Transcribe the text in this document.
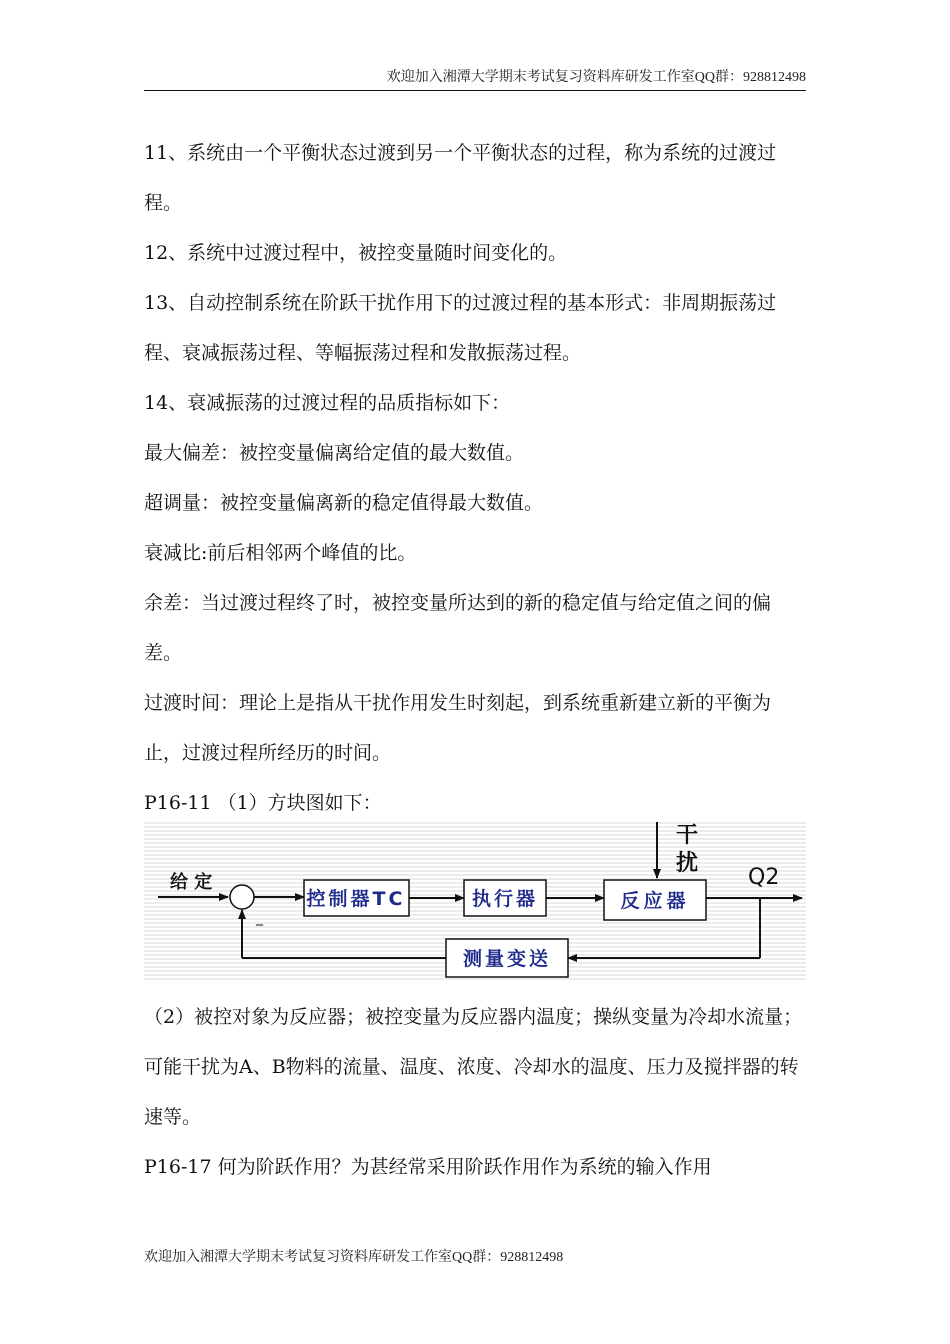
欢迎加入湘潭大学期末考试复习资料库研发工作室QQ群：928812498

11、系统由一个平衡状态过渡到另一个平衡状态的过程，称为系统的过渡过程。

12、系统中过渡过程中，被控变量随时间变化的。

13、自动控制系统在阶跃干扰作用下的过渡过程的基本形式：非周期振荡过程、衰减振荡过程、等幅振荡过程和发散振荡过程。

14、衰减振荡的过渡过程的品质指标如下：

最大偏差：被控变量偏离给定值的最大数值。

超调量：被控变量偏离新的稳定值得最大数值。

衰减比:前后相邻两个峰值的比。

余差：当过渡过程终了时，被控变量所达到的新的稳定值与给定值之间的偏差。

过渡时间：理论上是指从干扰作用发生时刻起，到系统重新建立新的平衡为止，过渡过程所经历的时间。

P16-11 （1）方块图如下：

给 定
_
控制器TC	执行器	反应器
干
扰
Q2
测量变送

（2）被控对象为反应器；被控变量为反应器内温度；操纵变量为冷却水流量；可能干扰为A、B物料的流量、温度、浓度、冷却水的温度、压力及搅拌器的转速等。

P16-17 何为阶跃作用？为甚经常采用阶跃作用作为系统的输入作用

欢迎加入湘潭大学期末考试复习资料库研发工作室QQ群：928812498
